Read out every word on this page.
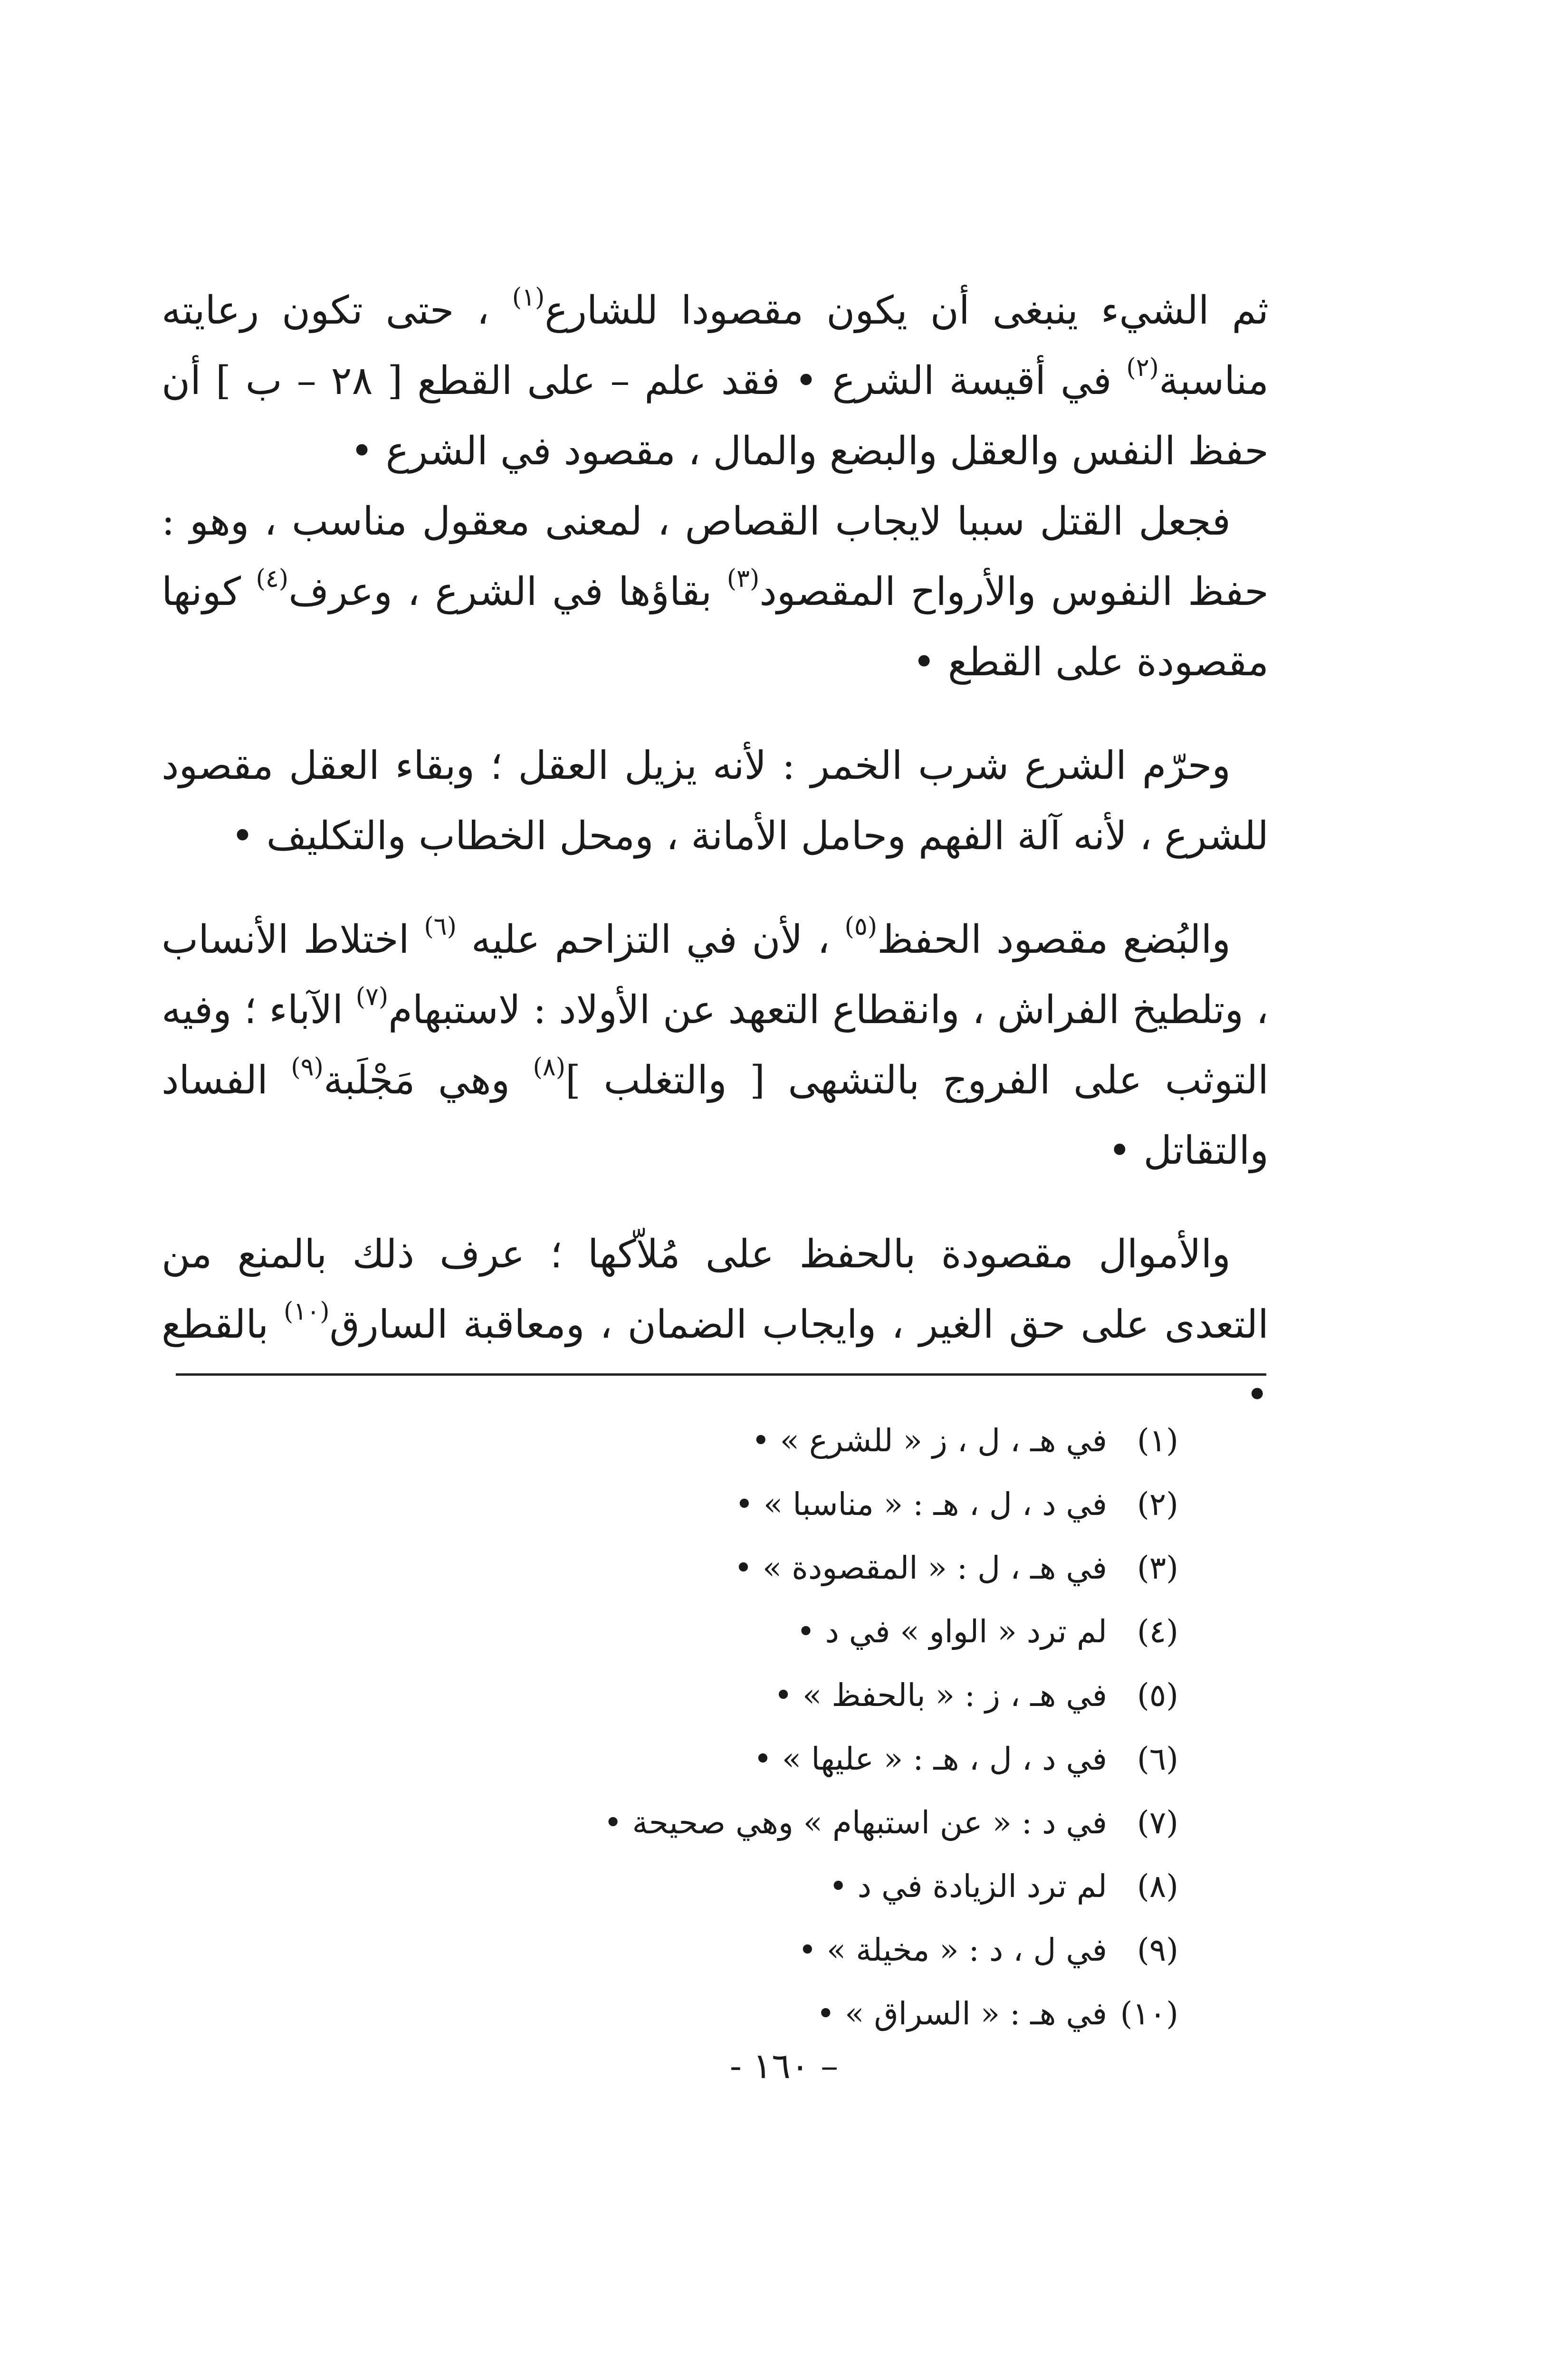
ثم الشيء ينبغى أن يكون مقصودا للشارع$^{(١)}$ ، حتى تكون رعايته مناسبة$^{(٢)}$ في أقيسة الشرع • فقد علم – على القطع [ ٢٨ – ب ] أن حفظ النفس والعقل والبضع والمال ، مقصود في الشرع •

فجعل القتل سببا لايجاب القصاص ، لمعنى معقول مناسب ، وهو : حفظ النفوس والأرواح المقصود$^{(٣)}$ بقاؤها في الشرع ، وعرف$^{(٤)}$ كونها مقصودة على القطع •

وحرّم الشرع شرب الخمر : لأنه يزيل العقل ؛ وبقاء العقل مقصود للشرع ، لأنه آلة الفهم وحامل الأمانة ، ومحل الخطاب والتكليف •

والبُضع مقصود الحفظ$^{(٥)}$ ، لأن في التزاحم عليه $^{(٦)}$ اختلاط الأنساب ، وتلطيخ الفراش ، وانقطاع التعهد عن الأولاد : لاستبهام$^{(٧)}$ الآباء ؛ وفيه التوثب على الفروج بالتشهى [ والتغلب ]$^{(٨)}$ وهي مَجْلَبة$^{(٩)}$ الفساد والتقاتل •

والأموال مقصودة بالحفظ على مُلاّكها ؛ عرف ذلك بالمنع من التعدى على حق الغير ، وايجاب الضمان ، ومعاقبة السارق$^{(١٠)}$ بالقطع •

(١)
في هـ ، ل ، ز « للشرع » •
(٢)
في د ، ل ، هـ : « مناسبا » •
(٣)
في هـ ، ل : « المقصودة » •
(٤)
لم ترد « الواو » في د •
(٥)
في هـ ، ز : « بالحفظ » •
(٦)
في د ، ل ، هـ : « عليها » •
(٧)
في د : « عن استبهام » وهي صحيحة •
(٨)
لم ترد الزيادة في د •
(٩)
في ل ، د : « مخيلة » •
(١٠)
في هـ : « السراق » •
– ١٦٠ -
